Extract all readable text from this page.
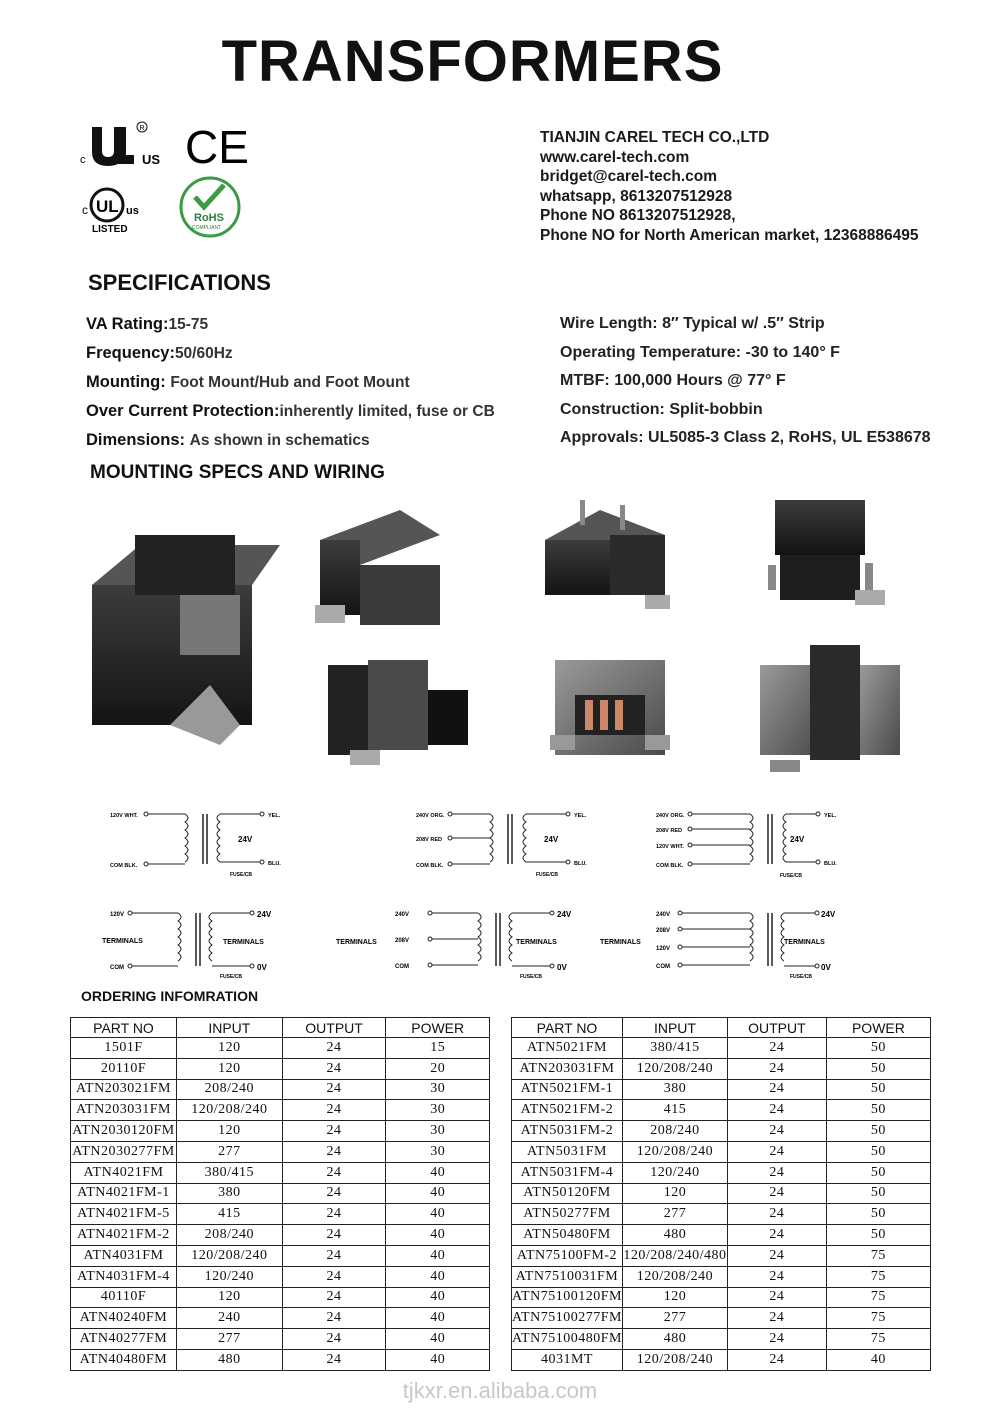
TRANSFORMERS
c
R
US CE
c UL us
LISTED
RoHS
COMPLIANT
TIANJIN CAREL TECH CO.,LTD
www.carel-tech.com
bridget@carel-tech.com
whatsapp, 8613207512928
Phone NO 8613207512928,
Phone NO for North American market, 12368886495
SPECIFICATIONS
VA Rating:15-75
Frequency:50/60Hz
Mounting: Foot Mount/Hub and Foot Mount
Over Current Protection:inherently limited, fuse or CB
Dimensions: As shown in schematics
Wire Length: 8″ Typical w/ .5″ Strip
Operating Temperature: -30 to 140° F
MTBF: 100,000 Hours @ 77° F
Construction: Split-bobbin
Approvals: UL5085-3 Class 2, RoHS, UL E538678
MOUNTING SPECS AND WIRING
120V WHT.
COM BLK.
YEL.
BLU.
24V
FUSE/CB
240V ORG.
208V RED
COM BLK.
YEL.
BLU.
24V
FUSE/CB
240V ORG.
208V RED
120V WHT.
COM BLK.
YEL.
BLU.
24V
FUSE/CB
120V
TERMINALS
COM
24V
TERMINALS
0V
FUSE/CB
TERMINALS
240V
208V
COM
24V
TERMINALS
0V
FUSE/CB
TERMINALS
240V
208V
120V
COM
24V
TERMINALS
0V
FUSE/CB
ORDERING INFOMRATION
PART NO	INPUT	OUTPUT	POWER
1501F	120	24	15
20110F	120	24	20
ATN203021FM	208/240	24	30
ATN203031FM	120/208/240	24	30
ATN2030120FM	120	24	30
ATN2030277FM	277	24	30
ATN4021FM	380/415	24	40
ATN4021FM-1	380	24	40
ATN4021FM-5	415	24	40
ATN4021FM-2	208/240	24	40
ATN4031FM	120/208/240	24	40
ATN4031FM-4	120/240	24	40
40110F	120	24	40
ATN40240FM	240	24	40
ATN40277FM	277	24	40
ATN40480FM	480	24	40
PART NO	INPUT	OUTPUT	POWER
ATN5021FM	380/415	24	50
ATN203031FM	120/208/240	24	50
ATN5021FM-1	380	24	50
ATN5021FM-2	415	24	50
ATN5031FM-2	208/240	24	50
ATN5031FM	120/208/240	24	50
ATN5031FM-4	120/240	24	50
ATN50120FM	120	24	50
ATN50277FM	277	24	50
ATN50480FM	480	24	50
ATN75100FM-2	120/208/240/480	24	75
ATN7510031FM	120/208/240	24	75
ATN75100120FM	120	24	75
ATN75100277FM	277	24	75
ATN75100480FM	480	24	75
4031MT	120/208/240	24	40
tjkxr.en.alibaba.com
